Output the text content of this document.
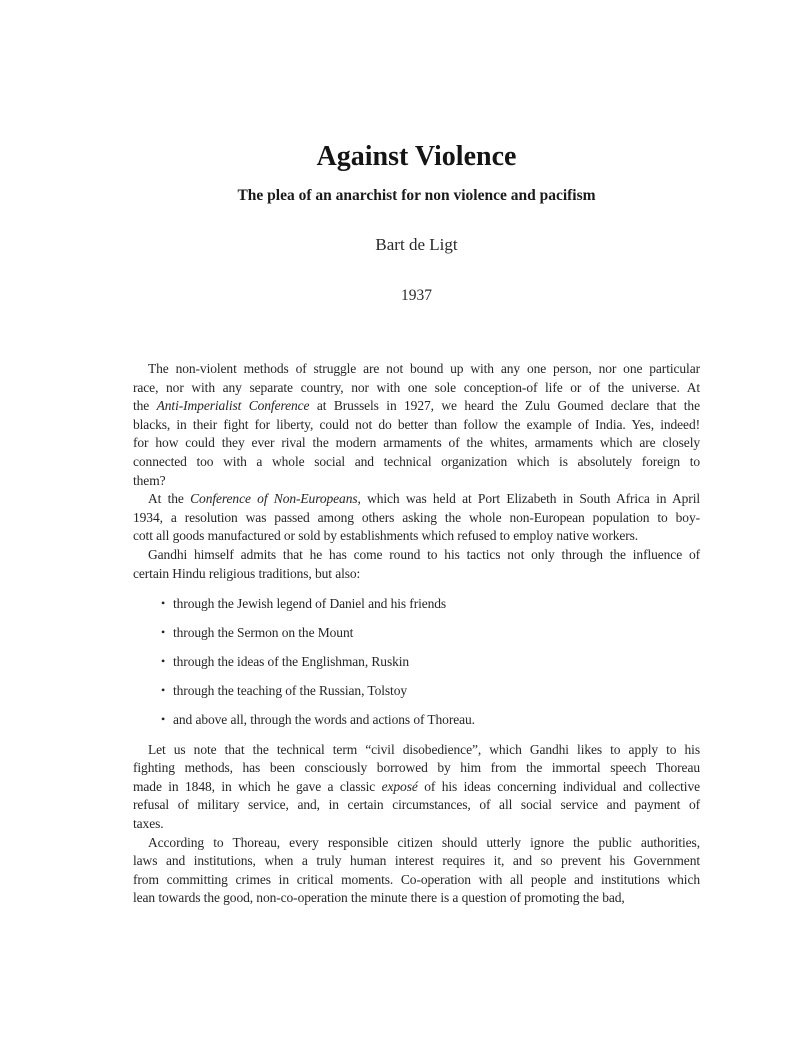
Against Violence
The plea of an anarchist for non violence and pacifism
Bart de Ligt
1937
The non-violent methods of struggle are not bound up with any one person, nor one particular
race, nor with any separate country, nor with one sole conception-of life or of the universe. At
the Anti-Imperialist Conference at Brussels in 1927, we heard the Zulu Goumed declare that the
blacks, in their fight for liberty, could not do better than follow the example of India. Yes, indeed!
for how could they ever rival the modern armaments of the whites, armaments which are closely
connected too with a whole social and technical organization which is absolutely foreign to
them?
At the Conference of Non-Europeans, which was held at Port Elizabeth in South Africa in April
1934, a resolution was passed among others asking the whole non-European population to boy-
cott all goods manufactured or sold by establishments which refused to employ native workers.
Gandhi himself admits that he has come round to his tactics not only through the influence of
certain Hindu religious traditions, but also:
• through the Jewish legend of Daniel and his friends
• through the Sermon on the Mount
• through the ideas of the Englishman, Ruskin
• through the teaching of the Russian, Tolstoy
• and above all, through the words and actions of Thoreau.
Let us note that the technical term “civil disobedience”, which Gandhi likes to apply to his
fighting methods, has been consciously borrowed by him from the immortal speech Thoreau
made in 1848, in which he gave a classic exposé of his ideas concerning individual and collective
refusal of military service, and, in certain circumstances, of all social service and payment of
taxes.
According to Thoreau, every responsible citizen should utterly ignore the public authorities,
laws and institutions, when a truly human interest requires it, and so prevent his Government
from committing crimes in critical moments. Co-operation with all people and institutions which
lean towards the good, non-co-operation the minute there is a question of promoting the bad,
